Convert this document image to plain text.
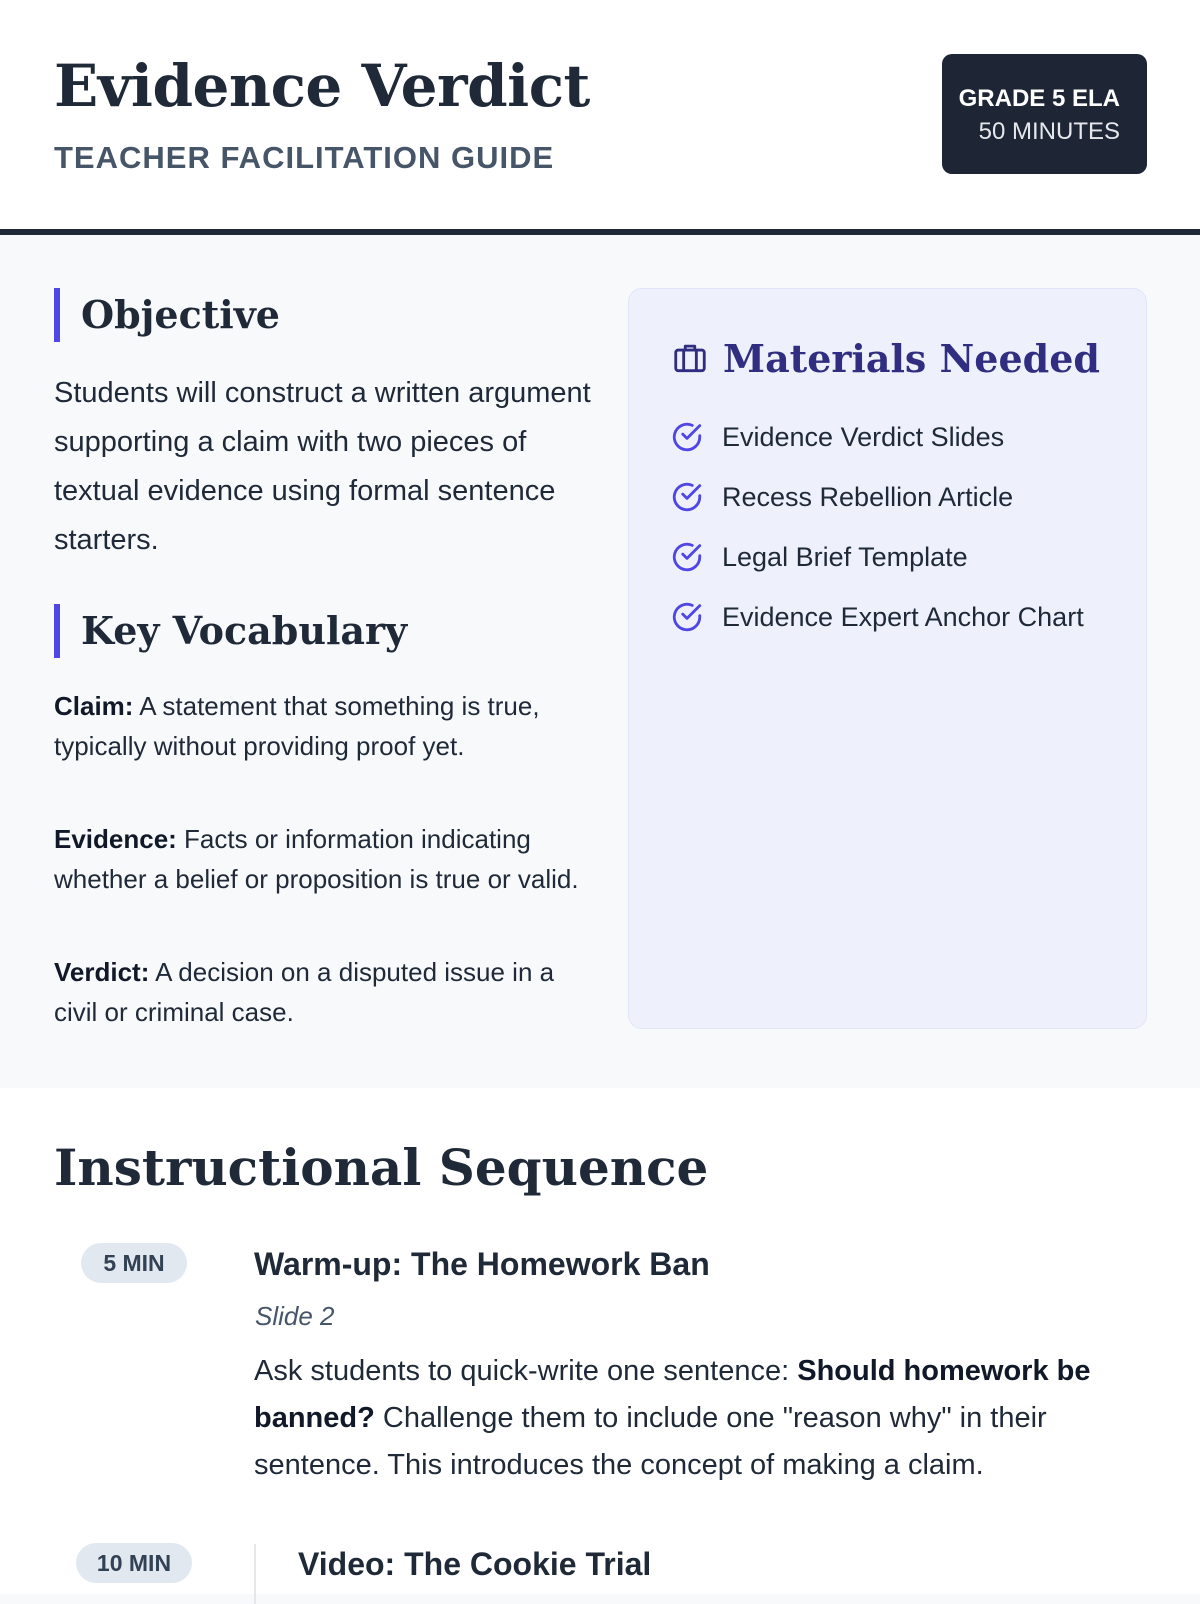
Evidence Verdict
TEACHER FACILITATION GUIDE
GRADE 5 ELA
50 MINUTES
Objective
Students will construct a written argument supporting a claim with two pieces of textual evidence using formal sentence starters.
Key Vocabulary
Claim: A statement that something is true, typically without providing proof yet.
Evidence: Facts or information indicating whether a belief or proposition is true or valid.
Verdict: A decision on a disputed issue in a civil or criminal case.
Materials Needed
Evidence Verdict Slides
Recess Rebellion Article
Legal Brief Template
Evidence Expert Anchor Chart
Instructional Sequence
5 MIN	Warm-up: The Homework Ban
Slide 2
Ask students to quick-write one sentence: Should homework be banned? Challenge them to include one "reason why" in their sentence. This introduces the concept of making a claim.
10 MIN	Video: The Cookie Trial
